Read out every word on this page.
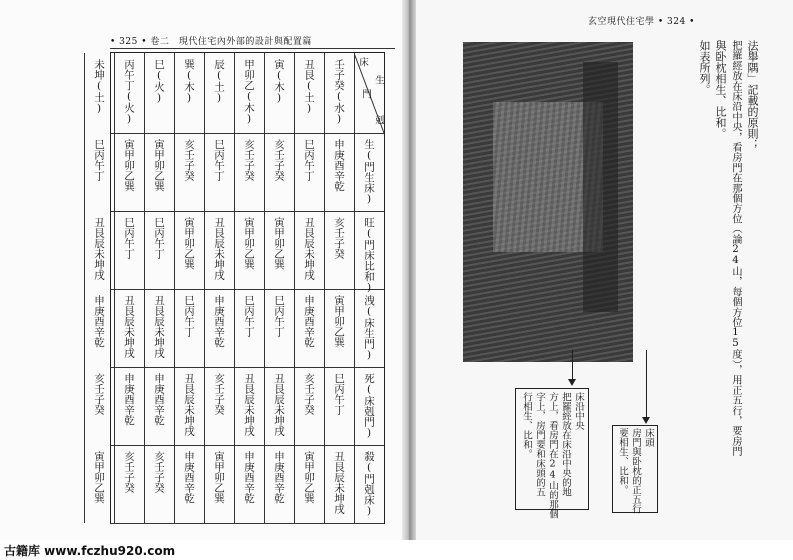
• 325 • 卷二　現代住宅內外部的設計與配置篇
玄空現代住宅學 • 324 •
床
門
生
剋
壬子癸(水)
申庚酉辛乾
亥壬子癸
寅甲卯乙巽
巳丙午丁
丑艮辰未坤戌
丑艮(土)
巳丙午丁
丑艮辰未坤戌
申庚酉辛乾
亥壬子癸
寅甲卯乙巽
寅(木)
亥壬子癸
寅甲卯乙巽
巳丙午丁
丑艮辰未坤戌
申庚酉辛乾
甲卯乙(木)
亥壬子癸
寅甲卯乙巽
巳丙午丁
丑艮辰未坤戌
申庚酉辛乾
辰(土)
巳丙午丁
丑艮辰未坤戌
申庚酉辛乾
亥壬子癸
寅甲卯乙巽
巽(木)
亥壬子癸
寅甲卯乙巽
巳丙午丁
丑艮辰未坤戌
申庚酉辛乾
巳(火)
寅甲卯乙巽
巳丙午丁
丑艮辰未坤戌
申庚酉辛乾
亥壬子癸
丙午丁(火)
寅甲卯乙巽
巳丙午丁
丑艮辰未坤戌
申庚酉辛乾
亥壬子癸
未坤(土)
巳丙午丁
丑艮辰未坤戌
申庚酉辛乾
亥壬子癸
寅甲卯乙巽
生(門生床)
旺(門床比和)
洩(床生門)
死(床剋門)
殺(門剋床)
法舉隅」記載的原則；
把羅經放在床沿中央，看房門在那個方位（論24山，每個方位15度），用正五行，要房門
與卧枕相生、比和。
如表所列。
床頭
房門與卧枕的正五行
要相生、比和。
床沿中央
把羅經放在床沿中央的地
方上，看房門在24山的那個
字上，房門要和床頭的五
行相生、比和。
古籍库 www.fczhu920.com
